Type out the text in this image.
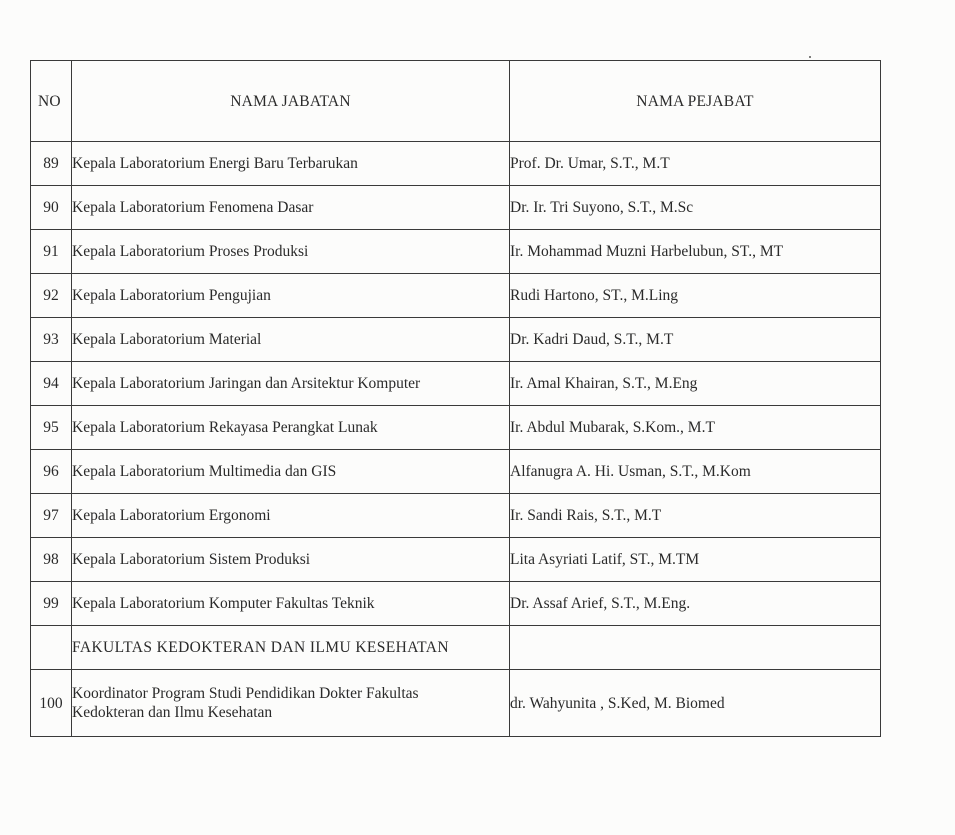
NO	NAMA JABATAN	NAMA PEJABAT
89	Kepala Laboratorium Energi Baru Terbarukan	Prof. Dr. Umar, S.T., M.T
90	Kepala Laboratorium Fenomena Dasar	Dr. Ir. Tri Suyono, S.T., M.Sc
91	Kepala Laboratorium Proses Produksi	Ir. Mohammad Muzni Harbelubun, ST., MT
92	Kepala Laboratorium Pengujian	Rudi Hartono, ST., M.Ling
93	Kepala Laboratorium Material	Dr. Kadri Daud, S.T., M.T
94	Kepala Laboratorium Jaringan dan Arsitektur Komputer	Ir. Amal Khairan, S.T., M.Eng
95	Kepala Laboratorium Rekayasa Perangkat Lunak	Ir. Abdul Mubarak, S.Kom., M.T
96	Kepala Laboratorium Multimedia dan GIS	Alfanugra A. Hi. Usman, S.T., M.Kom
97	Kepala Laboratorium Ergonomi	Ir. Sandi Rais, S.T., M.T
98	Kepala Laboratorium Sistem Produksi	Lita Asyriati Latif, ST., M.TM
99	Kepala Laboratorium Komputer Fakultas Teknik	Dr. Assaf Arief, S.T., M.Eng.
	FAKULTAS KEDOKTERAN DAN ILMU KESEHATAN	
100	Koordinator Program Studi Pendidikan Dokter Fakultas
Kedokteran dan Ilmu Kesehatan	dr. Wahyunita , S.Ked, M. Biomed
